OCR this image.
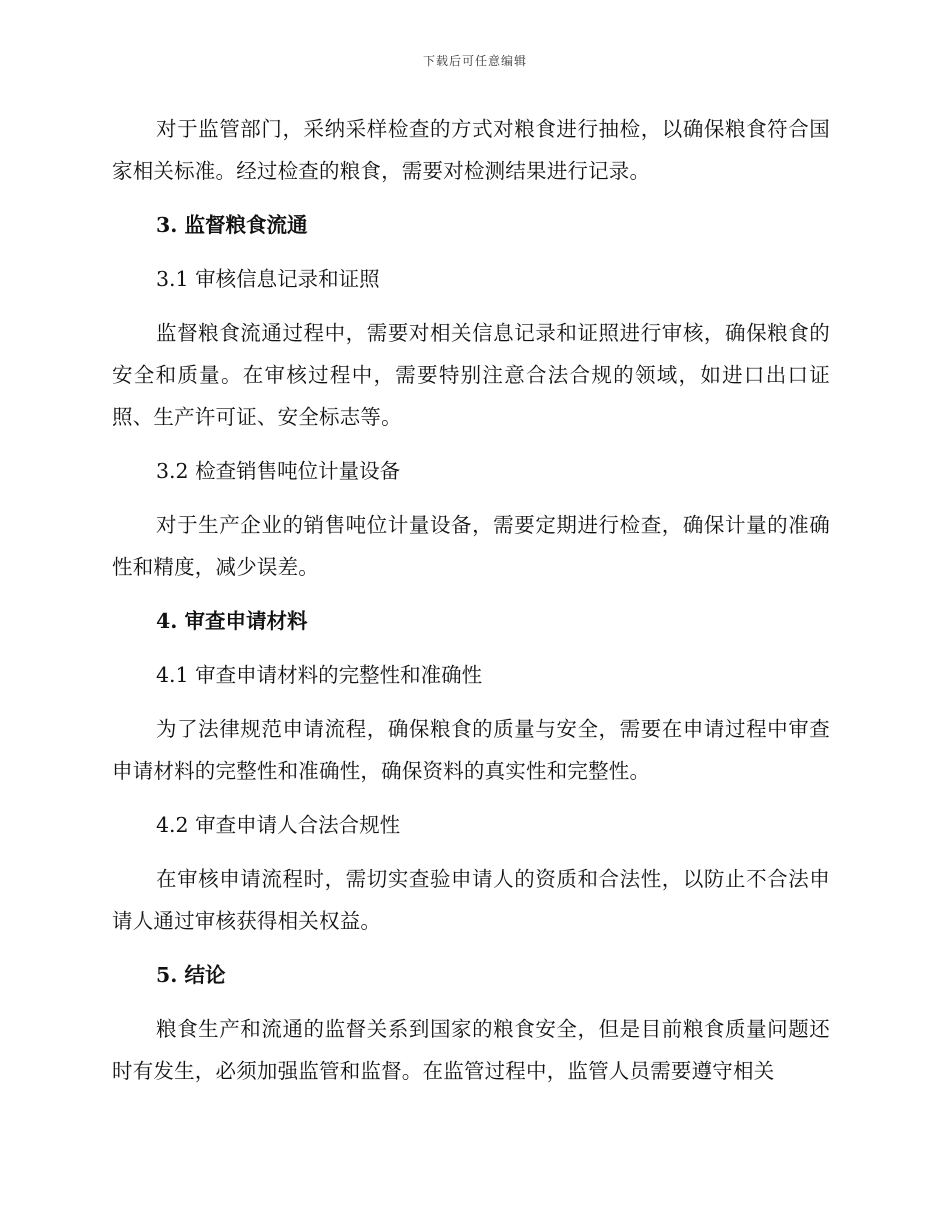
下载后可任意编辑

对于监管部门，采纳采样检查的方式对粮食进行抽检，以确保粮食符合国家相关标准。经过检查的粮食，需要对检测结果进行记录。

3. 监督粮食流通

3.1 审核信息记录和证照

监督粮食流通过程中，需要对相关信息记录和证照进行审核，确保粮食的安全和质量。在审核过程中，需要特别注意合法合规的领域，如进口出口证照、生产许可证、安全标志等。

3.2 检查销售吨位计量设备

对于生产企业的销售吨位计量设备，需要定期进行检查，确保计量的准确性和精度，减少误差。

4. 审查申请材料

4.1 审查申请材料的完整性和准确性

为了法律规范申请流程，确保粮食的质量与安全，需要在申请过程中审查申请材料的完整性和准确性，确保资料的真实性和完整性。

4.2 审查申请人合法合规性

在审核申请流程时，需切实查验申请人的资质和合法性，以防止不合法申请人通过审核获得相关权益。

5. 结论

粮食生产和流通的监督关系到国家的粮食安全，但是目前粮食质量问题还时有发生，必须加强监管和监督。在监管过程中，监管人员需要遵守相关
